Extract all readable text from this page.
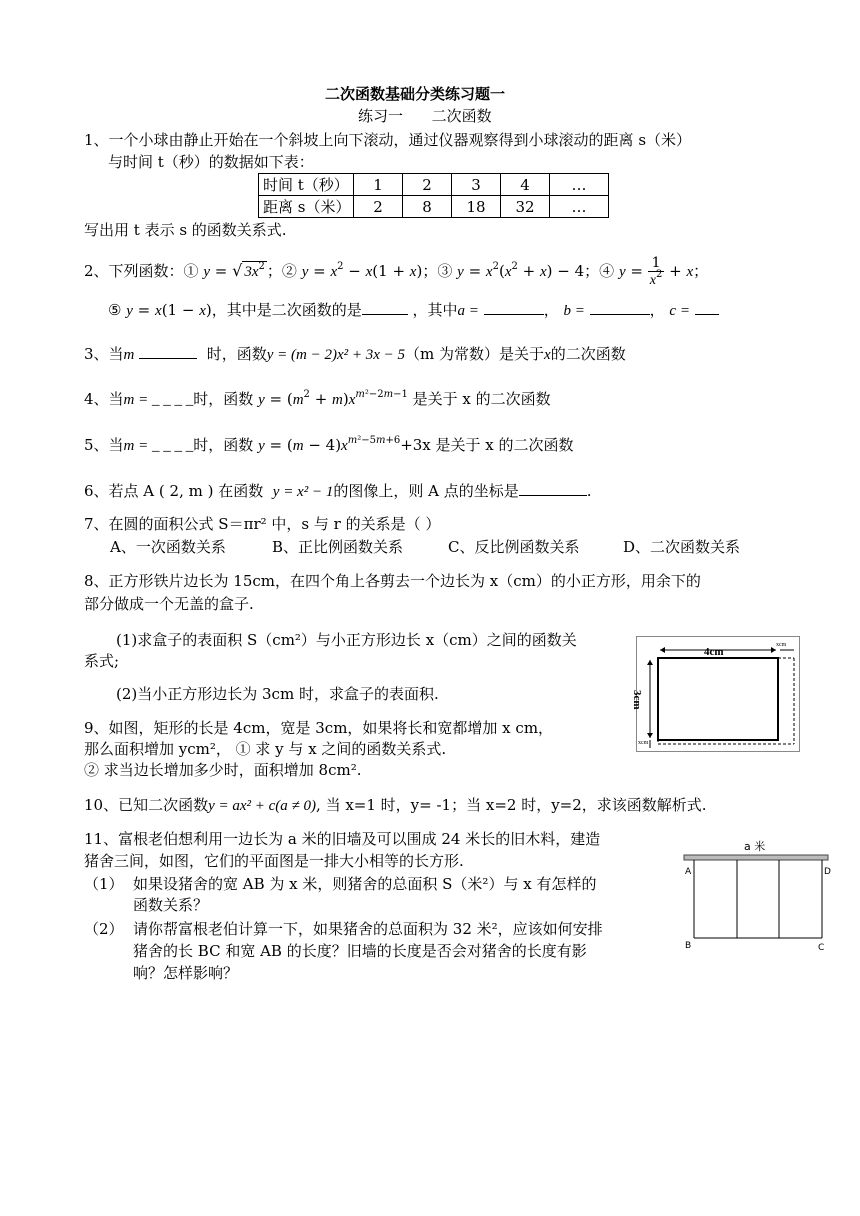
二次函数基础分类练习题一
练习一      二次函数
1、一个小球由静止开始在一个斜坡上向下滚动，通过仪器观察得到小球滚动的距离 s（米）
与时间 t（秒）的数据如下表：
时间 t（秒）	1	2	3	4	…
距离 s（米）	2	8	18	32	…
写出用 t 表示 s 的函数关系式.
2、下列函数：① y = √ $3x^2$ ；② $y = x^2 - x(1 + x)$；③ $y = x^2(x^2 + x) - 4$；④ $y = \frac{1}{x^2} + x$；
⑤ y = x(1 − x)，其中是二次函数的是	，其中a =	， b =	， c =
3、当m	时，函数y = (m − 2)x² + 3x − 5（m 为常数）是关于x的二次函数
4、当m = _ _ _ _时，函数 $y = (m^2 + m)x^{m^2-2m-1}$ 是关于 x 的二次函数
5、当m = _ _ _ _时，函数 $y = (m - 4)x^{m^2-5m+6}+3x$ 是关于 x 的二次函数
6、若点 A ( 2, m ) 在函数 y = x² − 1的图像上，则 A 点的坐标是	.
7、在圆的面积公式 S＝πr² 中，s 与 r 的关系是（ ）
A、一次函数关系	B、正比例函数关系	C、反比例函数关系	D、二次函数关系
8、正方形铁片边长为 15cm，在四个角上各剪去一个边长为 x（cm）的小正方形，用余下的
部分做成一个无盖的盒子.
(1)求盒子的表面积 S（cm²）与小正方形边长 x（cm）之间的函数关
系式;
(2)当小正方形边长为 3cm 时，求盒子的表面积.
4cm
3cm
xcm
xcm
9、如图，矩形的长是 4cm，宽是 3cm，如果将长和宽都增加 x cm，
那么面积增加 ycm²， ① 求 y 与 x 之间的函数关系式.
② 求当边长增加多少时，面积增加 8cm².
10、已知二次函数y = ax² + c(a ≠ 0), 当 x=1 时，y= -1；当 x=2 时，y=2，求该函数解析式.
11、富根老伯想利用一边长为 a 米的旧墙及可以围成 24 米长的旧木料，建造
猪舍三间，如图，它们的平面图是一排大小相等的长方形.
（1） 如果设猪舍的宽 AB 为 x 米，则猪舍的总面积 S（米²）与 x 有怎样的
函数关系？
（2） 请你帮富根老伯计算一下，如果猪舍的总面积为 32 米²，应该如何安排
猪舍的长 BC 和宽 AB 的长度？旧墙的长度是否会对猪舍的长度有影
响？怎样影响？
a 米
A	D
B	C
